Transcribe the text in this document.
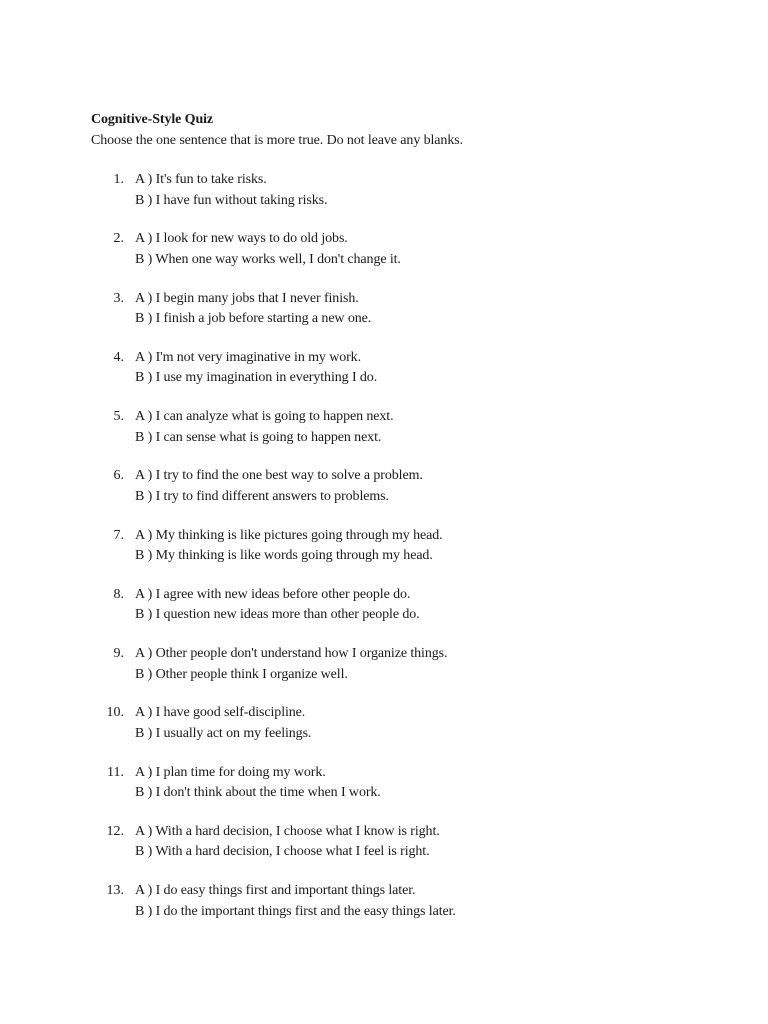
Cognitive-Style Quiz
Choose the one sentence that is more true. Do not leave any blanks.
1. A ) It's fun to take risks.
B ) I have fun without taking risks.
2. A ) I look for new ways to do old jobs.
B ) When one way works well, I don't change it.
3. A ) I begin many jobs that I never finish.
B ) I finish a job before starting a new one.
4. A ) I'm not very imaginative in my work.
B ) I use my imagination in everything I do.
5. A ) I can analyze what is going to happen next.
B ) I can sense what is going to happen next.
6. A ) I try to find the one best way to solve a problem.
B ) I try to find different answers to problems.
7. A ) My thinking is like pictures going through my head.
B ) My thinking is like words going through my head.
8. A ) I agree with new ideas before other people do.
B ) I question new ideas more than other people do.
9. A ) Other people don't understand how I organize things.
B ) Other people think I organize well.
10. A ) I have good self-discipline.
B ) I usually act on my feelings.
11. A ) I plan time for doing my work.
B ) I don't think about the time when I work.
12. A ) With a hard decision, I choose what I know is right.
B ) With a hard decision, I choose what I feel is right.
13. A ) I do easy things first and important things later.
B ) I do the important things first and the easy things later.
